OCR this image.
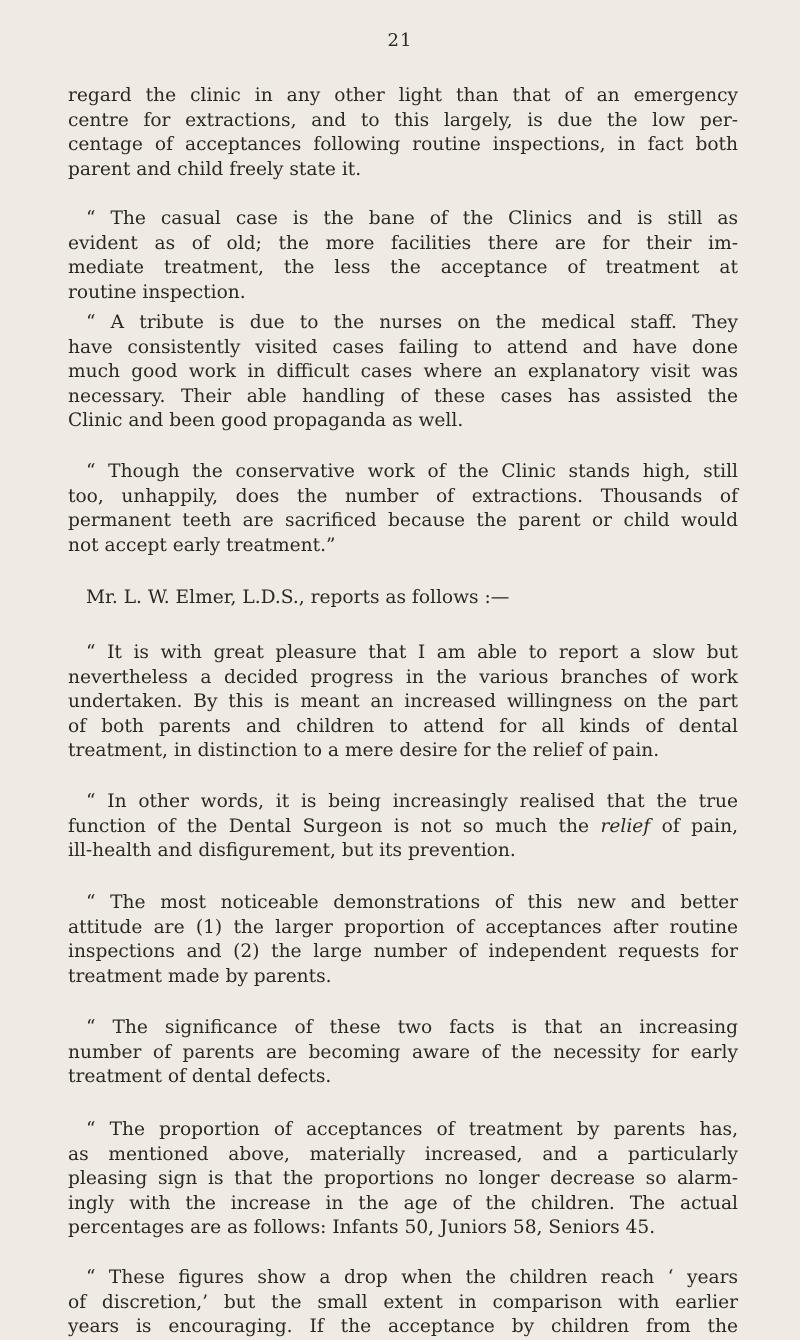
21

regard the clinic in any other light than that of an emergency
centre for extractions, and to this largely, is due the low per-
centage of acceptances following routine inspections, in fact both
parent and child freely state it.

“ The casual case is the bane of the Clinics and is still as
evident as of old; the more facilities there are for their im-
mediate treatment, the less the acceptance of treatment at
routine inspection.

“ A tribute is due to the nurses on the medical staff. They
have consistently visited cases failing to attend and have done
much good work in difficult cases where an explanatory visit was
necessary. Their able handling of these cases has assisted the
Clinic and been good propaganda as well.

“ Though the conservative work of the Clinic stands high, still
too, unhappily, does the number of extractions. Thousands of
permanent teeth are sacrificed because the parent or child would
not accept early treatment.”

Mr. L. W. Elmer, L.D.S., reports as follows :—

“ It is with great pleasure that I am able to report a slow but
nevertheless a decided progress in the various branches of work
undertaken. By this is meant an increased willingness on the part
of both parents and children to attend for all kinds of dental
treatment, in distinction to a mere desire for the relief of pain.

“ In other words, it is being increasingly realised that the true
function of the Dental Surgeon is not so much the relief of pain,
ill-health and disfigurement, but its prevention.

“ The most noticeable demonstrations of this new and better
attitude are (1) the larger proportion of acceptances after routine
inspections and (2) the large number of independent requests for
treatment made by parents.

“ The significance of these two facts is that an increasing
number of parents are becoming aware of the necessity for early
treatment of dental defects.

“ The proportion of acceptances of treatment by parents has,
as mentioned above, materially increased, and a particularly
pleasing sign is that the proportions no longer decrease so alarm-
ingly with the increase in the age of the children. The actual
percentages are as follows: Infants 50, Juniors 58, Seniors 45.

“ These figures show a drop when the children reach ‘ years
of discretion,’ but the small extent in comparison with earlier
years is encouraging. If the acceptance by children from the
